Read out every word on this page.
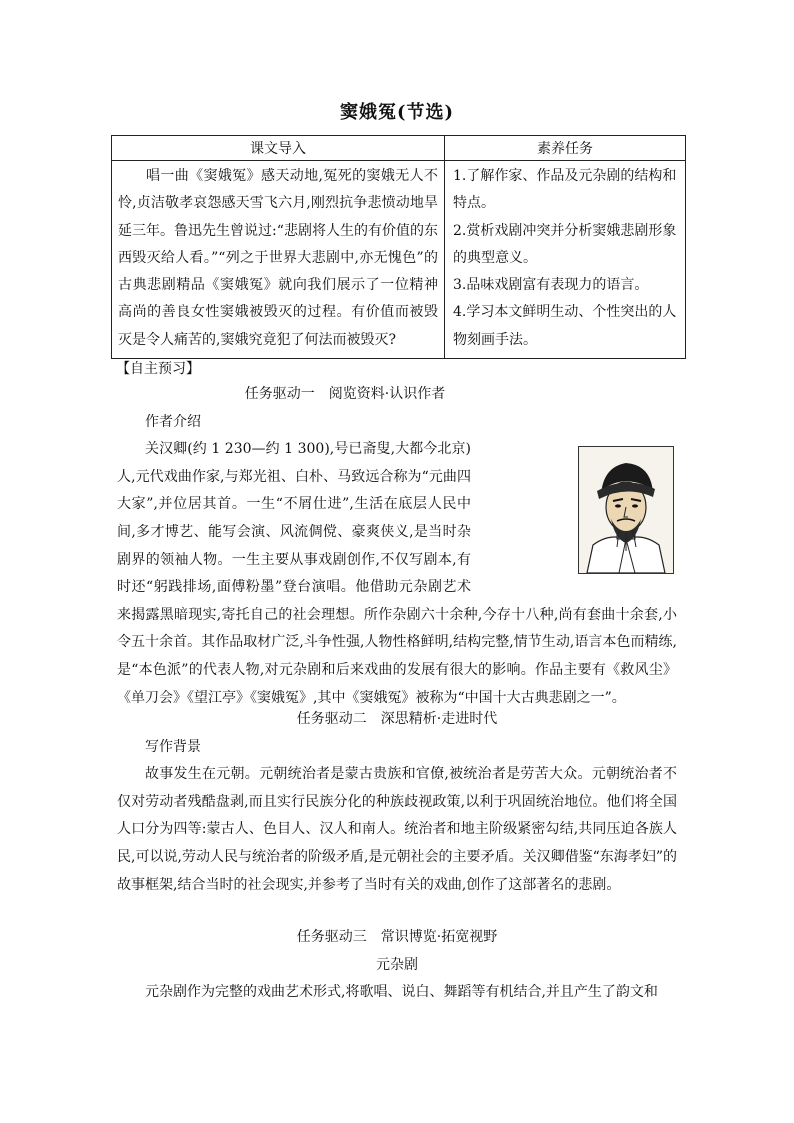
窦娥冤(节选)
课文导入	素养任务

唱一曲《窦娥冤》感天动地,冤死的窦娥无人不怜,贞洁敬孝哀怨感天雪飞六月,刚烈抗争悲愤动地旱延三年。鲁迅先生曾说过:“悲剧将人生的有价值的东西毁灭给人看。”“列之于世界大悲剧中,亦无愧色”的古典悲剧精品《窦娥冤》就向我们展示了一位精神高尚的善良女性窦娥被毁灭的过程。有价值而被毁灭是令人痛苦的,窦娥究竟犯了何法而被毁灭?	1.了解作家、作品及元杂剧的结构和特点。

2.赏析戏剧冲突并分析窦娥悲剧形象的典型意义。

3.品味戏剧富有表现力的语言。

4.学习本文鲜明生动、个性突出的人物刻画手法。

【自主预习】

任务驱动一　阅览资料·认识作者

作者介绍

关汉卿(约 1 230—约 1 300),号已斋叟,大都今北京)人,元代戏曲作家,与郑光祖、白朴、马致远合称为“元曲四大家”,并位居其首。一生“不屑仕进”,生活在底层人民中间,多才博艺、能写会演、风流倜傥、豪爽侠义,是当时杂剧界的领袖人物。一生主要从事戏剧创作,不仅写剧本,有时还“躬践排场,面傅粉墨”登台演唱。他借助元杂剧艺术来揭露黑暗现实,寄托自己的社会理想。所作杂剧六十余种,今存十八种,尚有套曲十余套,小令五十余首。其作品取材广泛,斗争性强,人物性格鲜明,结构完整,情节生动,语言本色而精练,是“本色派”的代表人物,对元杂剧和后来戏曲的发展有很大的影响。作品主要有《救风尘》《单刀会》《望江亭》《窦娥冤》,其中《窦娥冤》被称为“中国十大古典悲剧之一”。

任务驱动二　深思精析·走进时代

写作背景

故事发生在元朝。元朝统治者是蒙古贵族和官僚,被统治者是劳苦大众。元朝统治者不仅对劳动者残酷盘剥,而且实行民族分化的种族歧视政策,以利于巩固统治地位。他们将全国人口分为四等:蒙古人、色目人、汉人和南人。统治者和地主阶级紧密勾结,共同压迫各族人民,可以说,劳动人民与统治者的阶级矛盾,是元朝社会的主要矛盾。关汉卿借鉴“东海孝妇”的故事框架,结合当时的社会现实,并参考了当时有关的戏曲,创作了这部著名的悲剧。

任务驱动三　常识博览·拓宽视野

元杂剧

元杂剧作为完整的戏曲艺术形式,将歌唱、说白、舞蹈等有机结合,并且产生了韵文和
